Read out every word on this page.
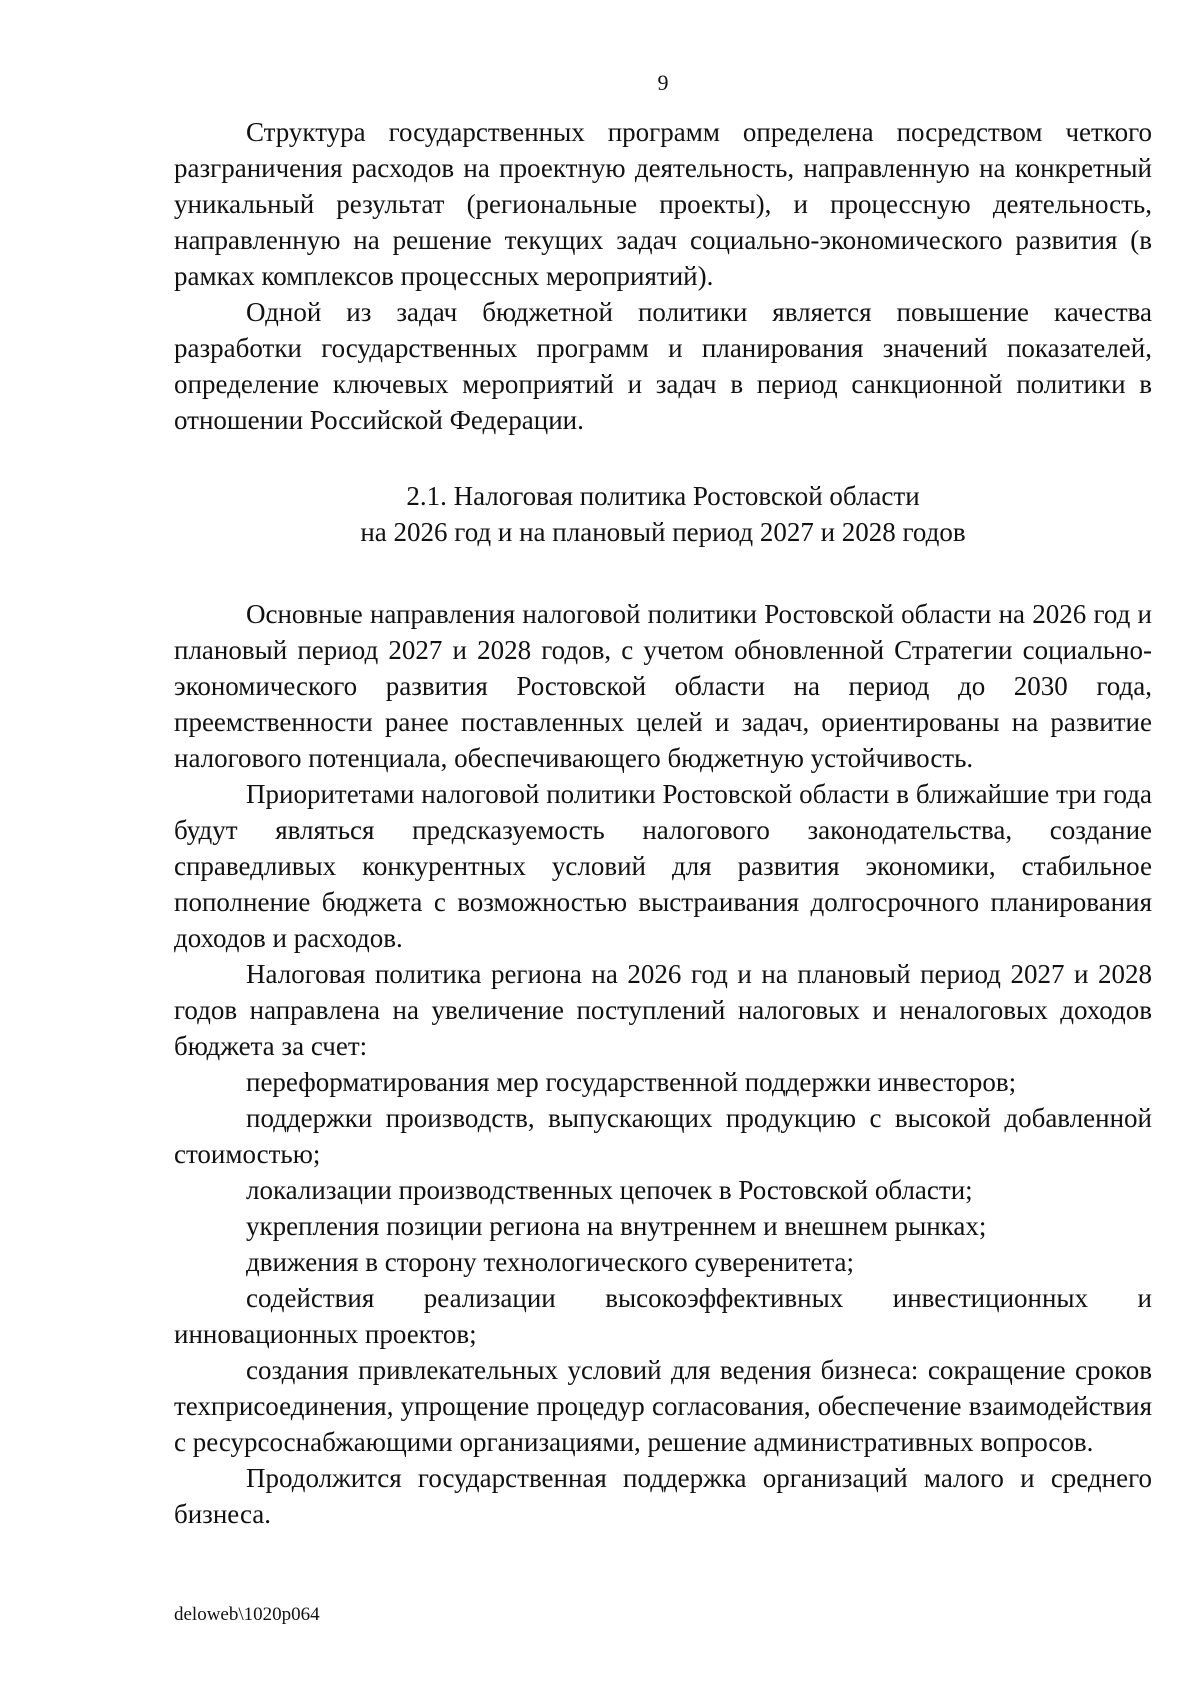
9

Структура государственных программ определена посредством четкого разграничения расходов на проектную деятельность, направленную на конкретный уникальный результат (региональные проекты), и процессную деятельность, направленную на решение текущих задач социально-экономического развития (в рамках комплексов процессных мероприятий).

Одной из задач бюджетной политики является повышение качества разработки государственных программ и планирования значений показателей, определение ключевых мероприятий и задач в период санкционной политики в отношении Российской Федерации.

2.1. Налоговая политика Ростовской области
на 2026 год и на плановый период 2027 и 2028 годов

Основные направления налоговой политики Ростовской области на 2026 год и плановый период 2027 и 2028 годов, с учетом обновленной Стратегии социально-экономического развития Ростовской области на период до 2030 года, преемственности ранее поставленных целей и задач, ориентированы на развитие налогового потенциала, обеспечивающего бюджетную устойчивость.

Приоритетами налоговой политики Ростовской области в ближайшие три года будут являться предсказуемость налогового законодательства, создание справедливых конкурентных условий для развития экономики, стабильное пополнение бюджета с возможностью выстраивания долгосрочного планирования доходов и расходов.

Налоговая политика региона на 2026 год и на плановый период 2027 и 2028 годов направлена на увеличение поступлений налоговых и неналоговых доходов бюджета за счет:

переформатирования мер государственной поддержки инвесторов;

поддержки производств, выпускающих продукцию с высокой добавленной стоимостью;

локализации производственных цепочек в Ростовской области;

укрепления позиции региона на внутреннем и внешнем рынках;

движения в сторону технологического суверенитета;

содействия реализации высокоэффективных инвестиционных и инновационных проектов;

создания привлекательных условий для ведения бизнеса: сокращение сроков техприсоединения, упрощение процедур согласования, обеспечение взаимодействия с ресурсоснабжающими организациями, решение административных вопросов.

Продолжится государственная поддержка организаций малого и среднего бизнеса.

deloweb\1020p064
